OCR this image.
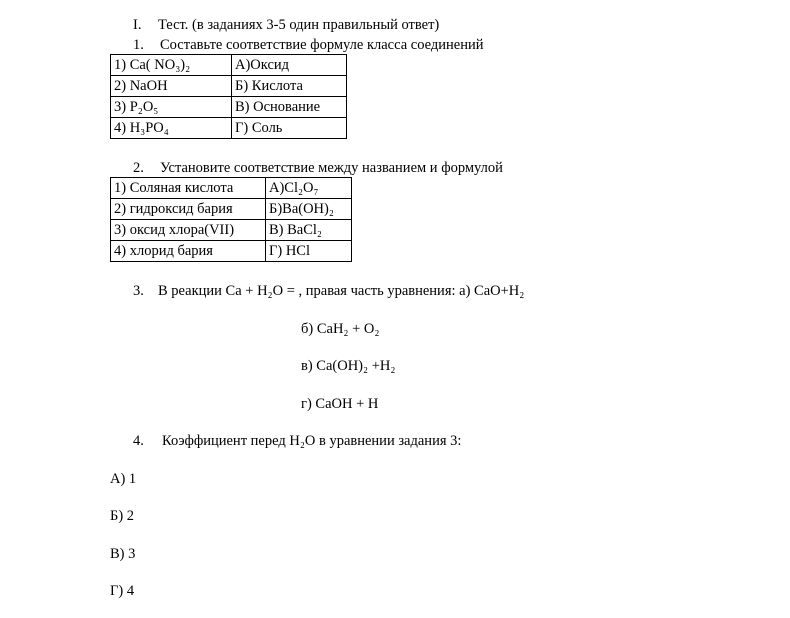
I. Тест. (в заданиях 3-5 один правильный ответ)
1. Составьте соответствие формуле класса соединений
1) Ca( NO₃)₂	А)Оксид
2) NaOH	Б) Кислота
3) P₂O₅	В) Основание
4) H₃PO₄	Г) Соль
2. Установите соответствие между названием и формулой
1) Соляная кислота	А)Cl₂O₇
2) гидроксид бария	Б)Ba(OH)₂
3) оксид хлора(VII)	В) BaCl₂
4) хлорид бария	Г) HCl
3. В реакции Ca + H₂O = , правая часть уравнения: а) CaO+H₂
б) CaH₂ + O₂
в) Ca(OH)₂ +H₂
г) CaOH + H
4. Коэффициент перед H₂O в уравнении задания 3:
А) 1
Б) 2
В) 3
Г) 4
